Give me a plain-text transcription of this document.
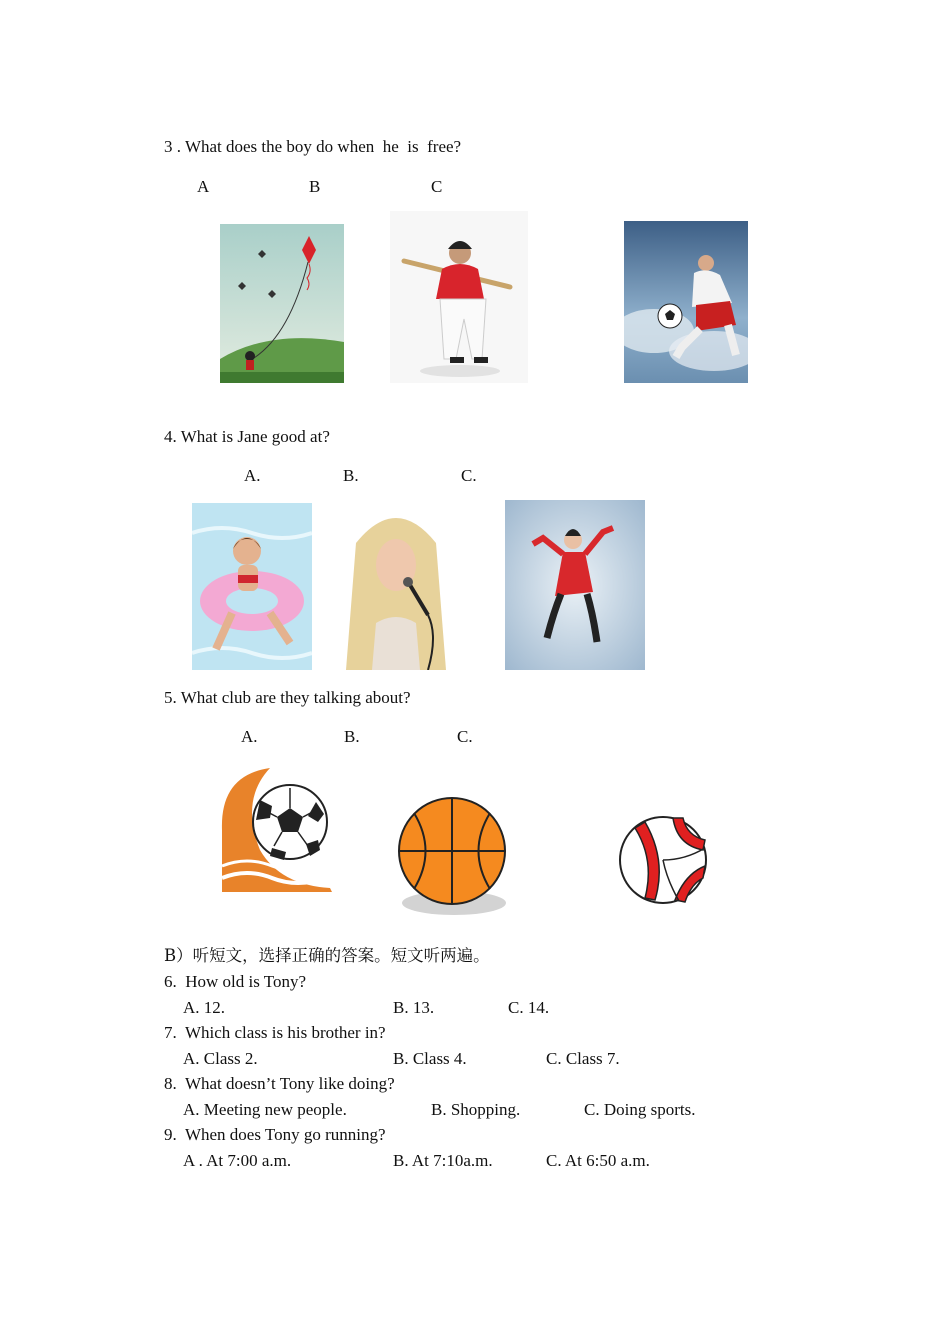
3 . What does the boy do when  he  is  free?
A	B	C
4. What is Jane good at?
A.	B.	C.
5. What club are they talking about?
A.	B.	C.
B）听短文，选择正确的答案。短文听两遍。
6.  How old is Tony?
A. 12.	B. 13.	C. 14.
7.  Which class is his brother in?
A. Class 2.	B. Class 4.	C. Class 7.
8.  What doesn’t Tony like doing?
A. Meeting new people.	B. Shopping.	C. Doing sports.
9.  When does Tony go running?
A . At 7:00 a.m.	B. At 7:10a.m.	C. At 6:50 a.m.
